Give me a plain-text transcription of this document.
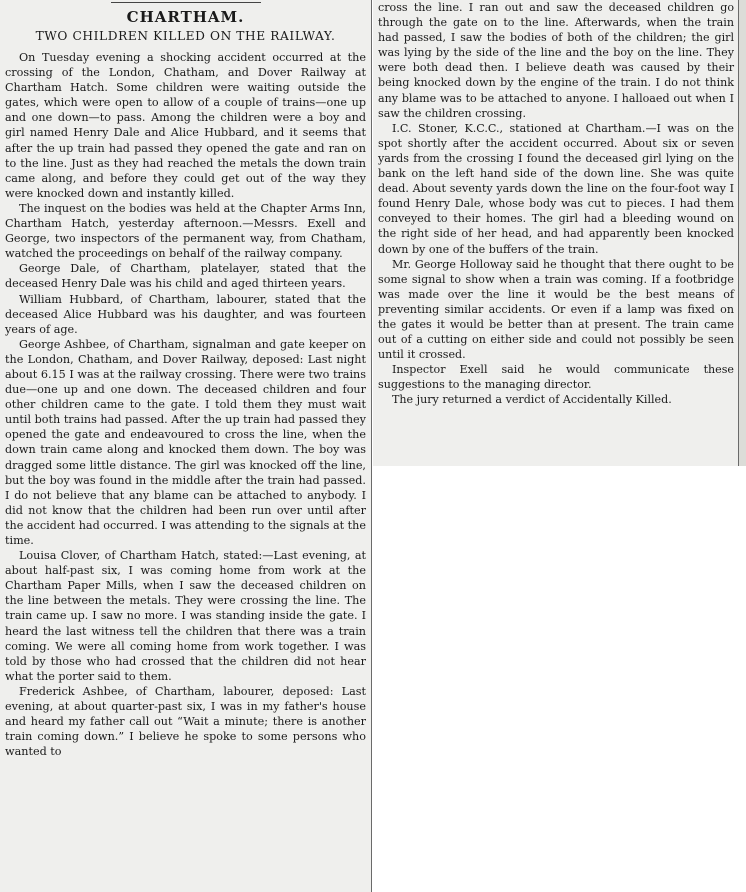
CHARTHAM.
TWO CHILDREN KILLED ON THE RAILWAY.

On Tuesday evening a shocking accident occurred at the crossing of the London, Chatham, and Dover Railway at Chartham Hatch. Some children were waiting outside the gates, which were open to allow of a couple of trains—one up and one down—to pass. Among the children were a boy and girl named Henry Dale and Alice Hubbard, and it seems that after the up train had passed they opened the gate and ran on to the line. Just as they had reached the metals the down train came along, and before they could get out of the way they were knocked down and instantly killed.

The inquest on the bodies was held at the Chapter Arms Inn, Chartham Hatch, yesterday afternoon.—Messrs. Exell and George, two inspectors of the permanent way, from Chatham, watched the proceedings on behalf of the railway company.

George Dale, of Chartham, platelayer, stated that the deceased Henry Dale was his child and aged thirteen years.

William Hubbard, of Chartham, labourer, stated that the deceased Alice Hubbard was his daughter, and was fourteen years of age.

George Ashbee, of Chartham, signalman and gate keeper on the London, Chatham, and Dover Railway, deposed: Last night about 6.15 I was at the railway crossing. There were two trains due—one up and one down. The deceased children and four other children came to the gate. I told them they must wait until both trains had passed. After the up train had passed they opened the gate and endeavoured to cross the line, when the down train came along and knocked them down. The boy was dragged some little distance. The girl was knocked off the line, but the boy was found in the middle after the train had passed. I do not believe that any blame can be attached to anybody. I did not know that the children had been run over until after the accident had occurred. I was attending to the signals at the time.

Louisa Clover, of Chartham Hatch, stated:—Last evening, at about half-past six, I was coming home from work at the Chartham Paper Mills, when I saw the deceased children on the line between the metals. They were crossing the line. The train came up. I saw no more. I was standing inside the gate. I heard the last witness tell the children that there was a train coming. We were all coming home from work together. I was told by those who had crossed that the children did not hear what the porter said to them.

Frederick Ashbee, of Chartham, labourer, deposed: Last evening, at about quarter-past six, I was in my father's house and heard my father call out “Wait a minute; there is another train coming down.” I believe he spoke to some persons who wanted to

cross the line. I ran out and saw the deceased children go through the gate on to the line. Afterwards, when the train had passed, I saw the bodies of both of the children; the girl was lying by the side of the line and the boy on the line. They were both dead then. I believe death was caused by their being knocked down by the engine of the train. I do not think any blame was to be attached to anyone. I halloaed out when I saw the children crossing.

I.C. Stoner, K.C.C., stationed at Chartham.—I was on the spot shortly after the accident occurred. About six or seven yards from the crossing I found the deceased girl lying on the bank on the left hand side of the down line. She was quite dead. About seventy yards down the line on the four-foot way I found Henry Dale, whose body was cut to pieces. I had them conveyed to their homes. The girl had a bleeding wound on the right side of her head, and had apparently been knocked down by one of the buffers of the train.

Mr. George Holloway said he thought that there ought to be some signal to show when a train was coming. If a footbridge was made over the line it would be the best means of preventing similar accidents. Or even if a lamp was fixed on the gates it would be better than at present. The train came out of a cutting on either side and could not possibly be seen until it crossed.

Inspector Exell said he would communicate these suggestions to the managing director.

The jury returned a verdict of Accidentally Killed.
